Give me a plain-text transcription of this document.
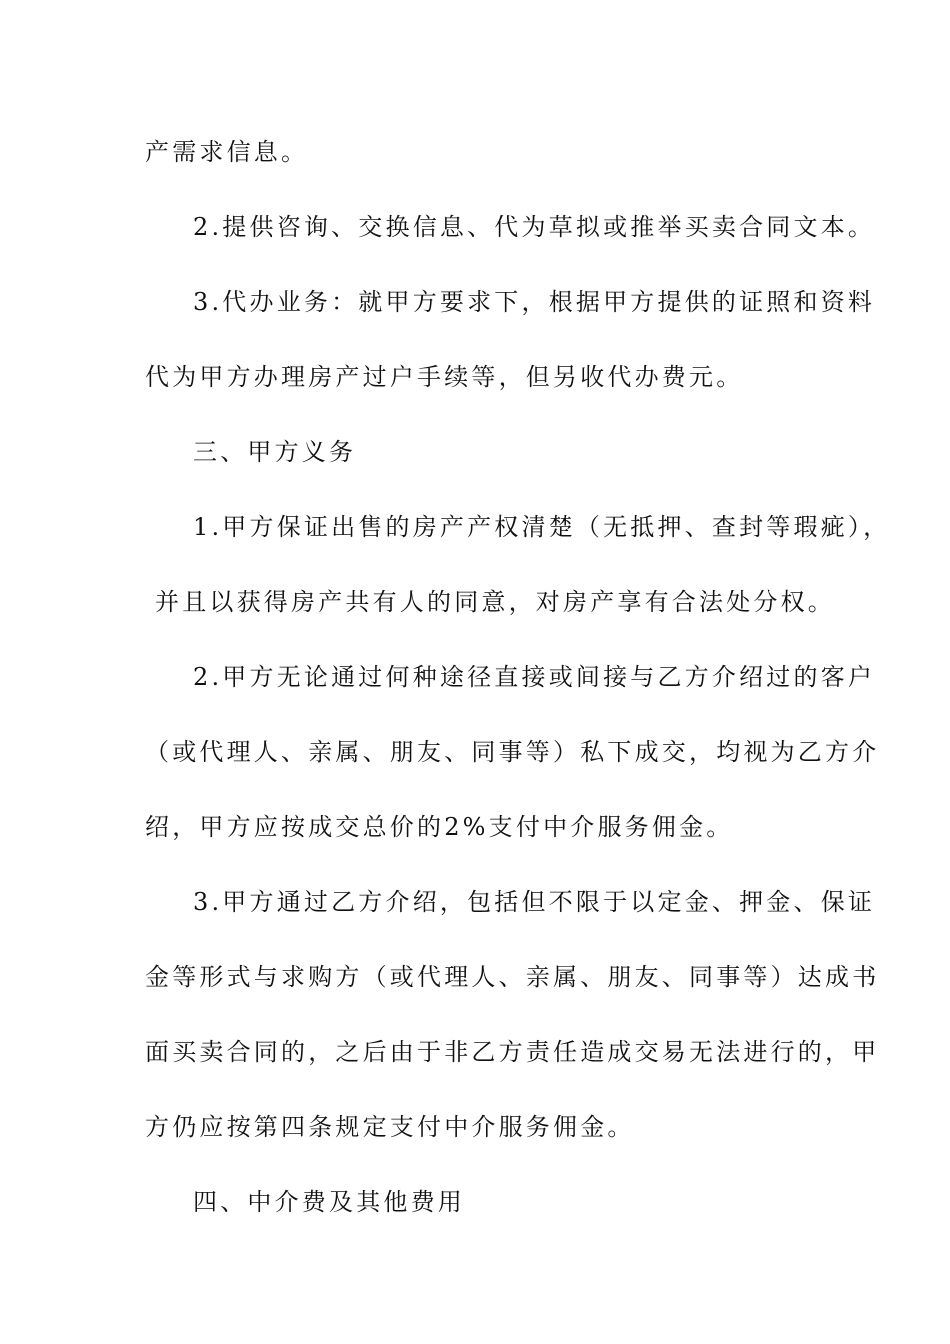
产需求信息。
2.提供咨询、交换信息、代为草拟或推举买卖合同文本。
3.代办业务：就甲方要求下，根据甲方提供的证照和资料
代为甲方办理房产过户手续等，但另收代办费元。
三、甲方义务
1.甲方保证出售的房产产权清楚（无抵押、查封等瑕疵），
并且以获得房产共有人的同意，对房产享有合法处分权。
2.甲方无论通过何种途径直接或间接与乙方介绍过的客户
（或代理人、亲属、朋友、同事等）私下成交，均视为乙方介
绍，甲方应按成交总价的2%支付中介服务佣金。
3.甲方通过乙方介绍，包括但不限于以定金、押金、保证
金等形式与求购方（或代理人、亲属、朋友、同事等）达成书
面买卖合同的，之后由于非乙方责任造成交易无法进行的，甲
方仍应按第四条规定支付中介服务佣金。
四、中介费及其他费用
